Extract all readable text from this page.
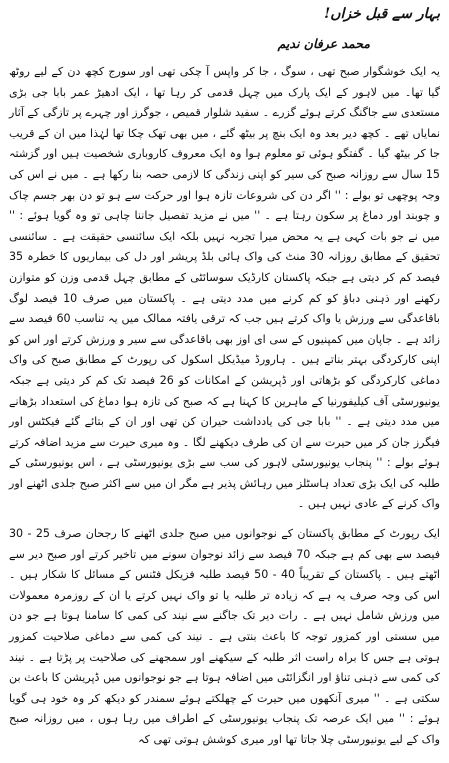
بہار سے قبل خزاں!
محمد عرفان ندیم

یہ ایک خوشگوار صبح تھی ، سوگ ، جا کر واپس آ چکی تھی اور سورج کچھ دن کے لیے روٹھ گیا تھا۔ میں لاہور کے ایک پارک میں چہل قدمی کر رہا تھا ، ایک ادھیڑ عمر بابا جی بڑی مستعدی سے جاگنگ کرتے ہوئے گزرے ۔ سفید شلوار قمیص ، جوگرز اور چہرے پر تازگی کے آثار نمایاں تھے ۔ کچھ دیر بعد وہ ایک بنچ پر بیٹھ گئے ، میں بھی تھک چکا تھا لہٰذا میں ان کے قریب جا کر بیٹھ گیا ۔ گفتگو ہوئی تو معلوم ہوا وہ ایک معروف کاروباری شخصیت ہیں اور گزشتہ 15 سال سے روزانہ صبح کی سیر کو اپنی زندگی کا لازمی حصہ بنا رکھا ہے ۔ میں نے اس کی وجہ پوچھی تو بولے : '' اگر دن کی شروعات تازہ ہوا اور حرکت سے ہو تو دن بھر جسم چاک و چوبند اور دماغ پر سکون رہتا ہے ۔ '' میں نے مزید تفصیل جاننا چاہی تو وہ گویا ہوئے : '' میں نے جو بات کہی ہے یہ محض میرا تجربہ نہیں بلکہ ایک سائنسی حقیقت ہے ۔ سائنسی تحقیق کے مطابق روزانہ 30 منٹ کی واک ہائی بلڈ پریشر اور دل کی بیماریوں کا خطرہ 35 فیصد کم کر دیتی ہے جبکہ پاکستان کارڈیک سوسائٹی کے مطابق چہل قدمی وزن کو متوازن رکھنے اور ذہنی دباؤ کو کم کرنے میں مدد دیتی ہے ۔ پاکستان میں صرف 10 فیصد لوگ باقاعدگی سے ورزش یا واک کرتے ہیں جب کہ ترقی یافتہ ممالک میں یہ تناسب 60 فیصد سے زائد ہے ۔ جاپان میں کمپنیوں کے سی ای اوز بھی باقاعدگی سے سیر و ورزش کرتے اور اس کو اپنی کارکردگی بہتر بناتے ہیں ۔ ہارورڈ میڈیکل اسکول کی رپورٹ کے مطابق صبح کی واک دماغی کارکردگی کو بڑھاتی اور ڈپریشن کے امکانات کو 26 فیصد تک کم کر دیتی ہے جبکہ یونیورسٹی آف کیلیفورنیا کے ماہرین کا کہنا ہے کہ صبح کی تازہ ہوا دماغ کی استعداد بڑھانے میں مدد دیتی ہے ۔ '' بابا جی کی یادداشت حیران کن تھی اور ان کے بتائے گئے فیکٹس اور فیگرز جان کر میں حیرت سے ان کی طرف دیکھنے لگا ۔ وہ میری حیرت سے مزید اضافہ کرتے ہوئے بولے : '' پنجاب یونیورسٹی لاہور کی سب سے بڑی یونیورسٹی ہے ، اس یونیورسٹی کے طلبہ کی ایک بڑی تعداد ہاسٹلز میں رہائش پذیر ہے مگر ان میں سے اکثر صبح جلدی اٹھنے اور واک کرنے کے عادی نہیں ہیں ۔

ایک رپورٹ کے مطابق پاکستان کے نوجوانوں میں صبح جلدی اٹھنے کا رجحان صرف 25 - 30 فیصد سے بھی کم ہے جبکہ 70 فیصد سے زائد نوجوان سونے میں تاخیر کرتے اور صبح دیر سے اٹھتے ہیں ۔ پاکستان کے تقریباً 40 - 50 فیصد طلبہ فزیکل فٹنس کے مسائل کا شکار ہیں ۔ اس کی وجہ صرف یہ ہے کہ زیادہ تر طلبہ یا تو واک نہیں کرتے یا ان کے روزمرہ معمولات میں ورزش شامل نہیں ہے ۔ رات دیر تک جاگنے سے نیند کی کمی کا سامنا ہوتا ہے جو دن میں سستی اور کمزور توجہ کا باعث بنتی ہے ۔ نیند کی کمی سے دماغی صلاحیت کمزور ہوتی ہے جس کا براہ راست اثر طلبہ کے سیکھنے اور سمجھنے کی صلاحیت پر پڑتا ہے ۔ نیند کی کمی سے ذہنی تناؤ اور انگزائٹی میں اضافہ ہوتا ہے جو نوجوانوں میں ڈپریشن کا باعث بن سکتی ہے ۔ '' میری آنکھوں میں حیرت کے چھلکتے ہوئے سمندر کو دیکھ کر وہ خود ہی گویا ہوئے : '' میں ایک عرصہ تک پنجاب یونیورسٹی کے اطراف میں رہا ہوں ، میں روزانہ صبح واک کے لیے یونیورسٹی چلا جاتا تھا اور میری کوشش ہوتی تھی کہ
